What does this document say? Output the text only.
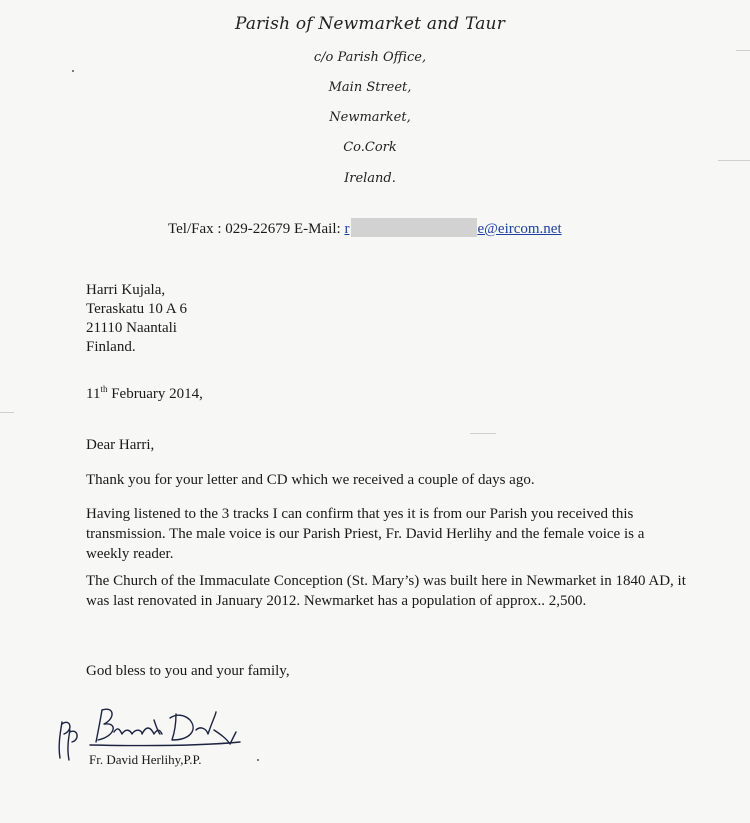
Parish of Newmarket and Taur
c/o Parish Office,
Main Street,
Newmarket,
Co.Cork
Ireland.
Tel/Fax : 029-22679 E-Mail: r	e@eircom.net
Harri Kujala,
Teraskatu 10 A 6
21110 Naantali
Finland.
11th February 2014,
Dear Harri,
Thank you for your letter and CD which we received a couple of days ago.
Having listened to the 3 tracks I can confirm that yes it is from our Parish you received this transmission. The male voice is our Parish Priest, Fr. David Herlihy and the female voice is a weekly reader.
The Church of the Immaculate Conception (St. Mary’s) was built here in Newmarket in 1840 AD, it was last renovated in January 2012. Newmarket has a population of approx.. 2,500.
God bless to you and your family,
Fr. David Herlihy,P.P.
